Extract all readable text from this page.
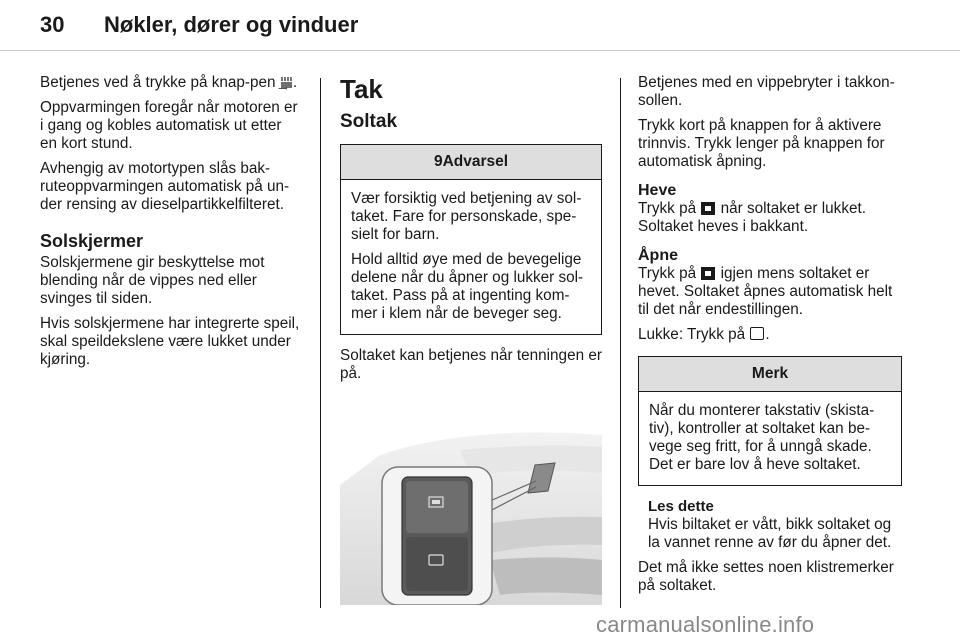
30 Nøkler, dører og vinduer

Betjenes ved å trykke på knap-pen .

Oppvarmingen foregår når motoren er i gang og kobles automatisk ut etter en kort stund.

Avhengig av motortypen slås bak-ruteoppvarmingen automatisk på un-der rensing av dieselpartikkelfilteret.

Solskjermer

Solskjermene gir beskyttelse mot blending når de vippes ned eller svinges til siden.

Hvis solskjermene har integrerte speil, skal speildekslene være lukket under kjøring.

Tak
Soltak
9Advarsel

Vær forsiktig ved betjening av sol-taket. Fare for personskade, spe-sielt for barn.

Hold alltid øye med de bevegelige delene når du åpner og lukker sol-taket. Pass på at ingenting kom-mer i klem når de beveger seg.

Soltaket kan betjenes når tenningen er på.

Betjenes med en vippebryter i takkon-sollen.

Trykk kort på knappen for å aktivere trinnvis. Trykk lenger på knappen for automatisk åpning.

Heve

Trykk på  når soltaket er lukket. Soltaket heves i bakkant.

Åpne

Trykk på  igjen mens soltaket er hevet. Soltaket åpnes automatisk helt til det når endestillingen.

Lukke: Trykk på .

Merk

Når du monterer takstativ (skista-tiv), kontroller at soltaket kan be-vege seg fritt, for å unngå skade. Det er bare lov å heve soltaket.

Les dette

Hvis biltaket er vått, bikk soltaket og la vannet renne av før du åpner det.

Det må ikke settes noen klistremerker på soltaket.

carmanualsonline.info
